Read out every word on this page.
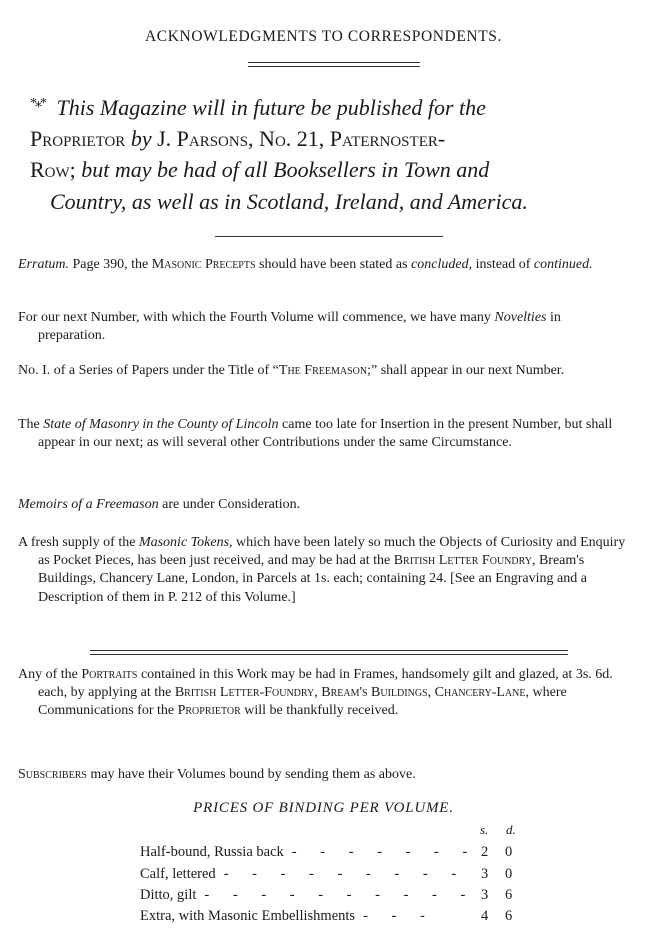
ACKNOWLEDGMENTS TO CORRESPONDENTS.
*⁎* This Magazine will in future be published for the
Proprietor by J. Parsons, No. 21, Paternoster-
Row; but may be had of all Booksellers in Town and

Country, as well as in Scotland, Ireland, and America.
Erratum. Page 390, the Masonic Precepts should have been stated as concluded, instead of continued.
For our next Number, with which the Fourth Volume will commence, we have many Novelties in preparation.
No. I. of a Series of Papers under the Title of “The Freemason;” shall appear in our next Number.
The State of Masonry in the County of Lincoln came too late for Insertion in the present Number, but shall appear in our next; as will several other Contributions under the same Circumstance.
Memoirs of a Freemason are under Consideration.
A fresh supply of the Masonic Tokens, which have been lately so much the Objects of Curiosity and Enquiry as Pocket Pieces, has been just received, and may be had at the British Letter Foundry, Bream's Buildings, Chancery Lane, London, in Parcels at 1s. each; containing 24. [See an Engraving and a Description of them in P. 212 of this Volume.]
Any of the Portraits contained in this Work may be had in Frames, handsomely gilt and glazed, at 3s. 6d. each, by applying at the British Letter-Foundry, Bream's Buildings, Chancery-Lane, where Communications for the Proprietor will be thankfully received.
Subscribers may have their Volumes bound by sending them as above.
PRICES OF BINDING PER VOLUME.
s. d.
Half-bound, Russia back - - - - - - - 2 0
Calf, lettered - - - - - - - - - 3 0
Ditto, gilt - - - - - - - - - - 3 6
Extra, with Masonic Embellishments - - -	4 6
